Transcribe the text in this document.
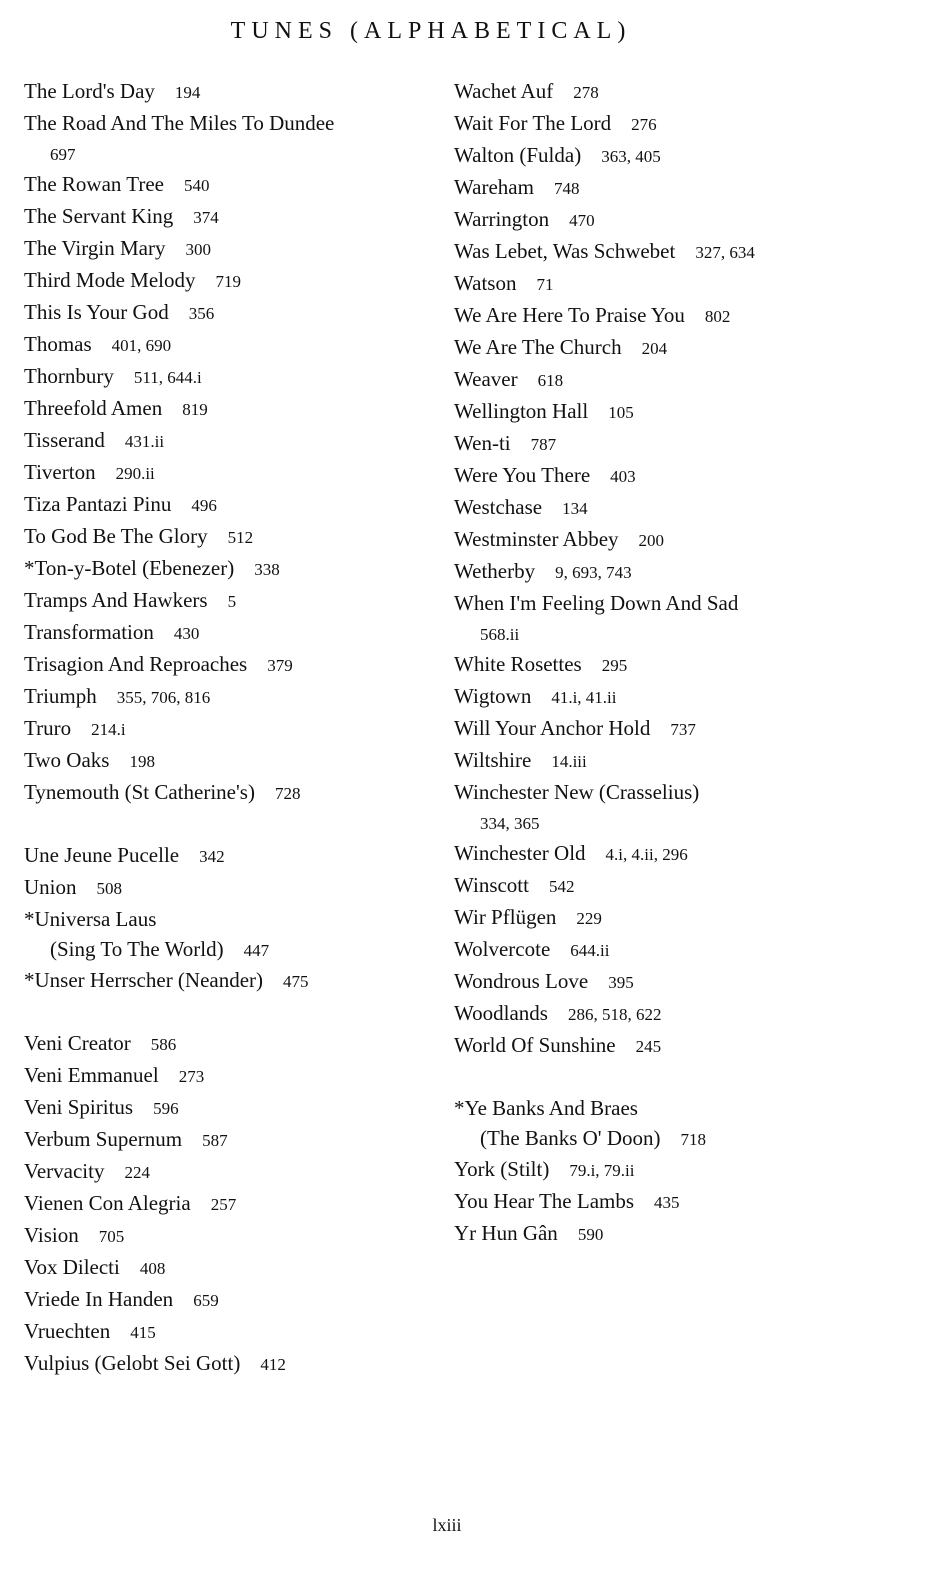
TUNES (ALPHABETICAL)
The Lord's Day 194
The Road And The Miles To Dundee
697
The Rowan Tree 540
The Servant King 374
The Virgin Mary 300
Third Mode Melody 719
This Is Your God 356
Thomas 401, 690
Thornbury 511, 644.i
Threefold Amen 819
Tisserand 431.ii
Tiverton 290.ii
Tiza Pantazi Pinu 496
To God Be The Glory 512
*Ton-y-Botel (Ebenezer) 338
Tramps And Hawkers 5
Transformation 430
Trisagion And Reproaches 379
Triumph 355, 706, 816
Truro 214.i
Two Oaks 198
Tynemouth (St Catherine's) 728
Une Jeune Pucelle 342
Union 508
*Universa Laus
(Sing To The World) 447
*Unser Herrscher (Neander) 475
Veni Creator 586
Veni Emmanuel 273
Veni Spiritus 596
Verbum Supernum 587
Vervacity 224
Vienen Con Alegria 257
Vision 705
Vox Dilecti 408
Vriede In Handen 659
Vruechten 415
Vulpius (Gelobt Sei Gott) 412
Wachet Auf 278
Wait For The Lord 276
Walton (Fulda) 363, 405
Wareham 748
Warrington 470
Was Lebet, Was Schwebet 327, 634
Watson 71
We Are Here To Praise You 802
We Are The Church 204
Weaver 618
Wellington Hall 105
Wen-ti 787
Were You There 403
Westchase 134
Westminster Abbey 200
Wetherby 9, 693, 743
When I'm Feeling Down And Sad
568.ii
White Rosettes 295
Wigtown 41.i, 41.ii
Will Your Anchor Hold 737
Wiltshire 14.iii
Winchester New (Crasselius)
334, 365
Winchester Old 4.i, 4.ii, 296
Winscott 542
Wir Pflügen 229
Wolvercote 644.ii
Wondrous Love 395
Woodlands 286, 518, 622
World Of Sunshine 245
*Ye Banks And Braes
(The Banks O' Doon) 718
York (Stilt) 79.i, 79.ii
You Hear The Lambs 435
Yr Hun Gân 590
lxiii
